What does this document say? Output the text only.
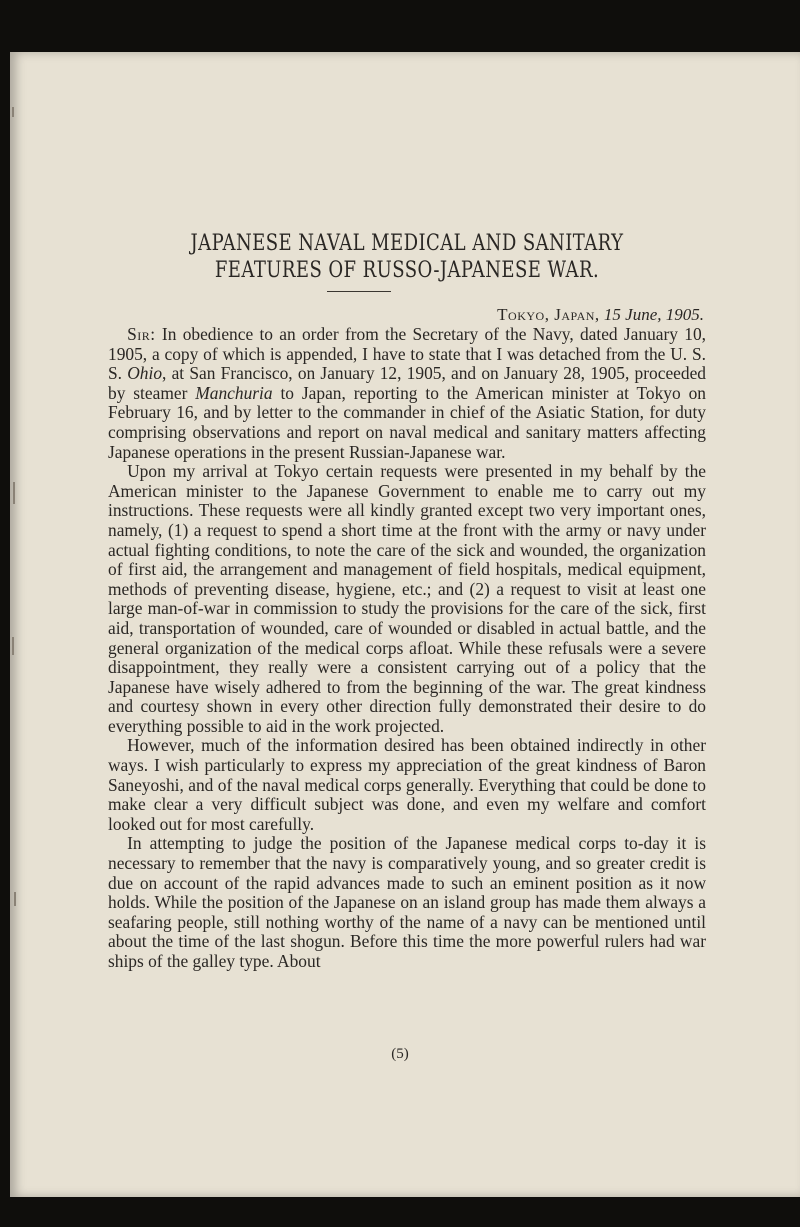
JAPANESE NAVAL MEDICAL AND SANITARY FEATURES OF RUSSO-JAPANESE WAR.
Tokyo, Japan, 15 June, 1905.

Sir: In obedience to an order from the Secretary of the Navy, dated January 10, 1905, a copy of which is appended, I have to state that I was detached from the U. S. S. Ohio, at San Francisco, on January 12, 1905, and on January 28, 1905, proceeded by steamer Manchuria to Japan, reporting to the American minister at Tokyo on February 16, and by letter to the commander in chief of the Asiatic Station, for duty comprising observations and report on naval medical and sanitary matters affecting Japanese operations in the present Russian-Japanese war.

Upon my arrival at Tokyo certain requests were presented in my behalf by the American minister to the Japanese Government to enable me to carry out my instructions. These requests were all kindly granted except two very important ones, namely, (1) a request to spend a short time at the front with the army or navy under actual fighting conditions, to note the care of the sick and wounded, the organization of first aid, the arrangement and management of field hospitals, medical equipment, methods of preventing disease, hygiene, etc.; and (2) a request to visit at least one large man-of-war in commission to study the provisions for the care of the sick, first aid, transportation of wounded, care of wounded or disabled in actual battle, and the general organization of the medical corps afloat. While these refusals were a severe disappointment, they really were a consistent carrying out of a policy that the Japanese have wisely adhered to from the beginning of the war. The great kindness and courtesy shown in every other direction fully demonstrated their desire to do everything possible to aid in the work projected.

However, much of the information desired has been obtained indirectly in other ways. I wish particularly to express my appreciation of the great kindness of Baron Saneyoshi, and of the naval medical corps generally. Everything that could be done to make clear a very difficult subject was done, and even my welfare and comfort looked out for most carefully.

In attempting to judge the position of the Japanese medical corps to-day it is necessary to remember that the navy is comparatively young, and so greater credit is due on account of the rapid advances made to such an eminent position as it now holds. While the position of the Japanese on an island group has made them always a seafaring people, still nothing worthy of the name of a navy can be mentioned until about the time of the last shogun. Before this time the more powerful rulers had war ships of the galley type. About

(5)
